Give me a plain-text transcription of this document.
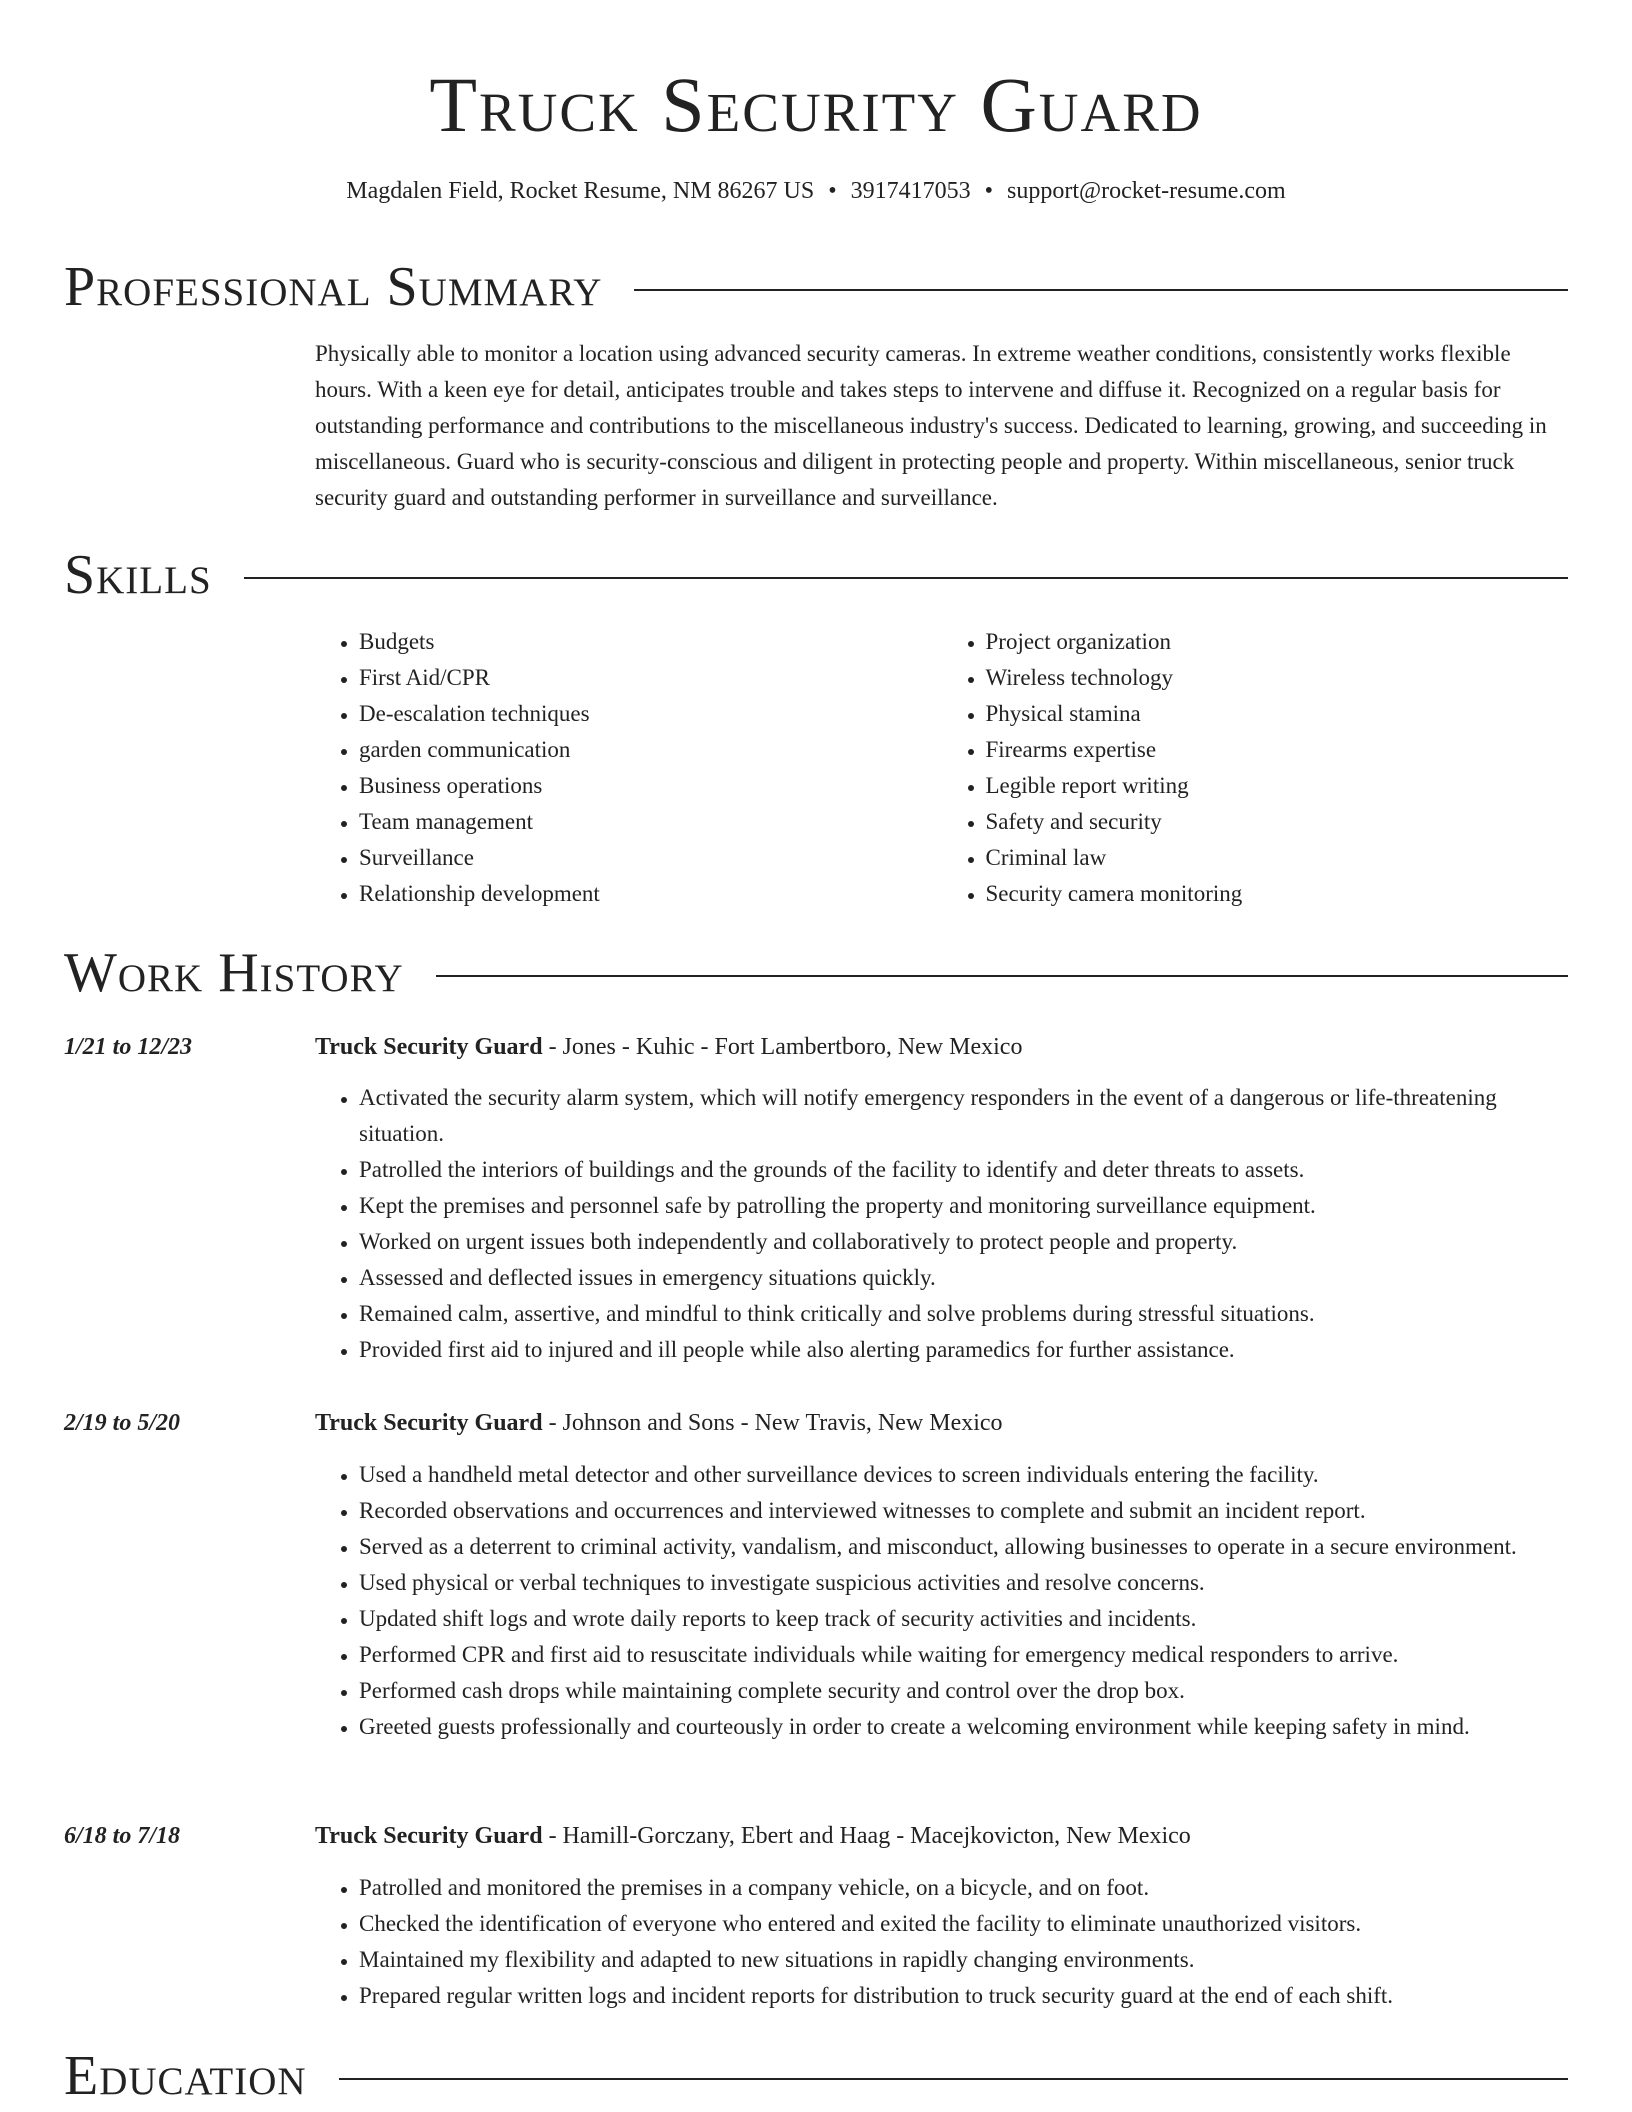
Truck Security Guard
Magdalen Field, Rocket Resume, NM 86267 US • 3917417053 • support@rocket-resume.com
Professional Summary

Physically able to monitor a location using advanced security cameras. In extreme weather conditions, consistently works flexible hours. With a keen eye for detail, anticipates trouble and takes steps to intervene and diffuse it. Recognized on a regular basis for outstanding performance and contributions to the miscellaneous industry's success. Dedicated to learning, growing, and succeeding in miscellaneous. Guard who is security-conscious and diligent in protecting people and property. Within miscellaneous, senior truck security guard and outstanding performer in surveillance and surveillance.

Skills
• Budgets
• First Aid/CPR
• De-escalation techniques
• garden communication
• Business operations
• Team management
• Surveillance
• Relationship development
• Project organization
• Wireless technology
• Physical stamina
• Firearms expertise
• Legible report writing
• Safety and security
• Criminal law
• Security camera monitoring
Work History
1/21 to 12/23	Truck Security Guard - Jones - Kuhic - Fort Lambertboro, New Mexico
• Activated the security alarm system, which will notify emergency responders in the event of a dangerous or life-threatening situation.
• Patrolled the interiors of buildings and the grounds of the facility to identify and deter threats to assets.
• Kept the premises and personnel safe by patrolling the property and monitoring surveillance equipment.
• Worked on urgent issues both independently and collaboratively to protect people and property.
• Assessed and deflected issues in emergency situations quickly.
• Remained calm, assertive, and mindful to think critically and solve problems during stressful situations.
• Provided first aid to injured and ill people while also alerting paramedics for further assistance.
2/19 to 5/20	Truck Security Guard - Johnson and Sons - New Travis, New Mexico
• Used a handheld metal detector and other surveillance devices to screen individuals entering the facility.
• Recorded observations and occurrences and interviewed witnesses to complete and submit an incident report.
• Served as a deterrent to criminal activity, vandalism, and misconduct, allowing businesses to operate in a secure environment.
• Used physical or verbal techniques to investigate suspicious activities and resolve concerns.
• Updated shift logs and wrote daily reports to keep track of security activities and incidents.
• Performed CPR and first aid to resuscitate individuals while waiting for emergency medical responders to arrive.
• Performed cash drops while maintaining complete security and control over the drop box.
• Greeted guests professionally and courteously in order to create a welcoming environment while keeping safety in mind.
6/18 to 7/18	Truck Security Guard - Hamill-Gorczany, Ebert and Haag - Macejkovicton, New Mexico
• Patrolled and monitored the premises in a company vehicle, on a bicycle, and on foot.
• Checked the identification of everyone who entered and exited the facility to eliminate unauthorized visitors.
• Maintained my flexibility and adapted to new situations in rapidly changing environments.
• Prepared regular written logs and incident reports for distribution to truck security guard at the end of each shift.
Education
